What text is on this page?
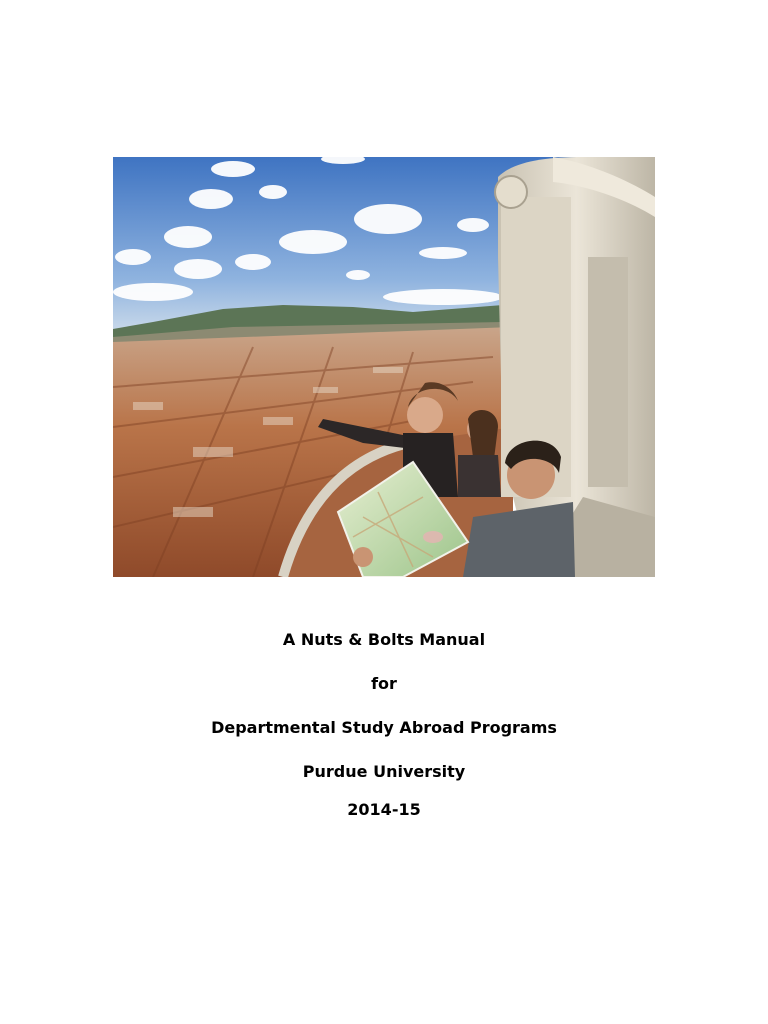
A Nuts & Bolts Manual
for
Departmental Study Abroad Programs
Purdue University
2014-15
